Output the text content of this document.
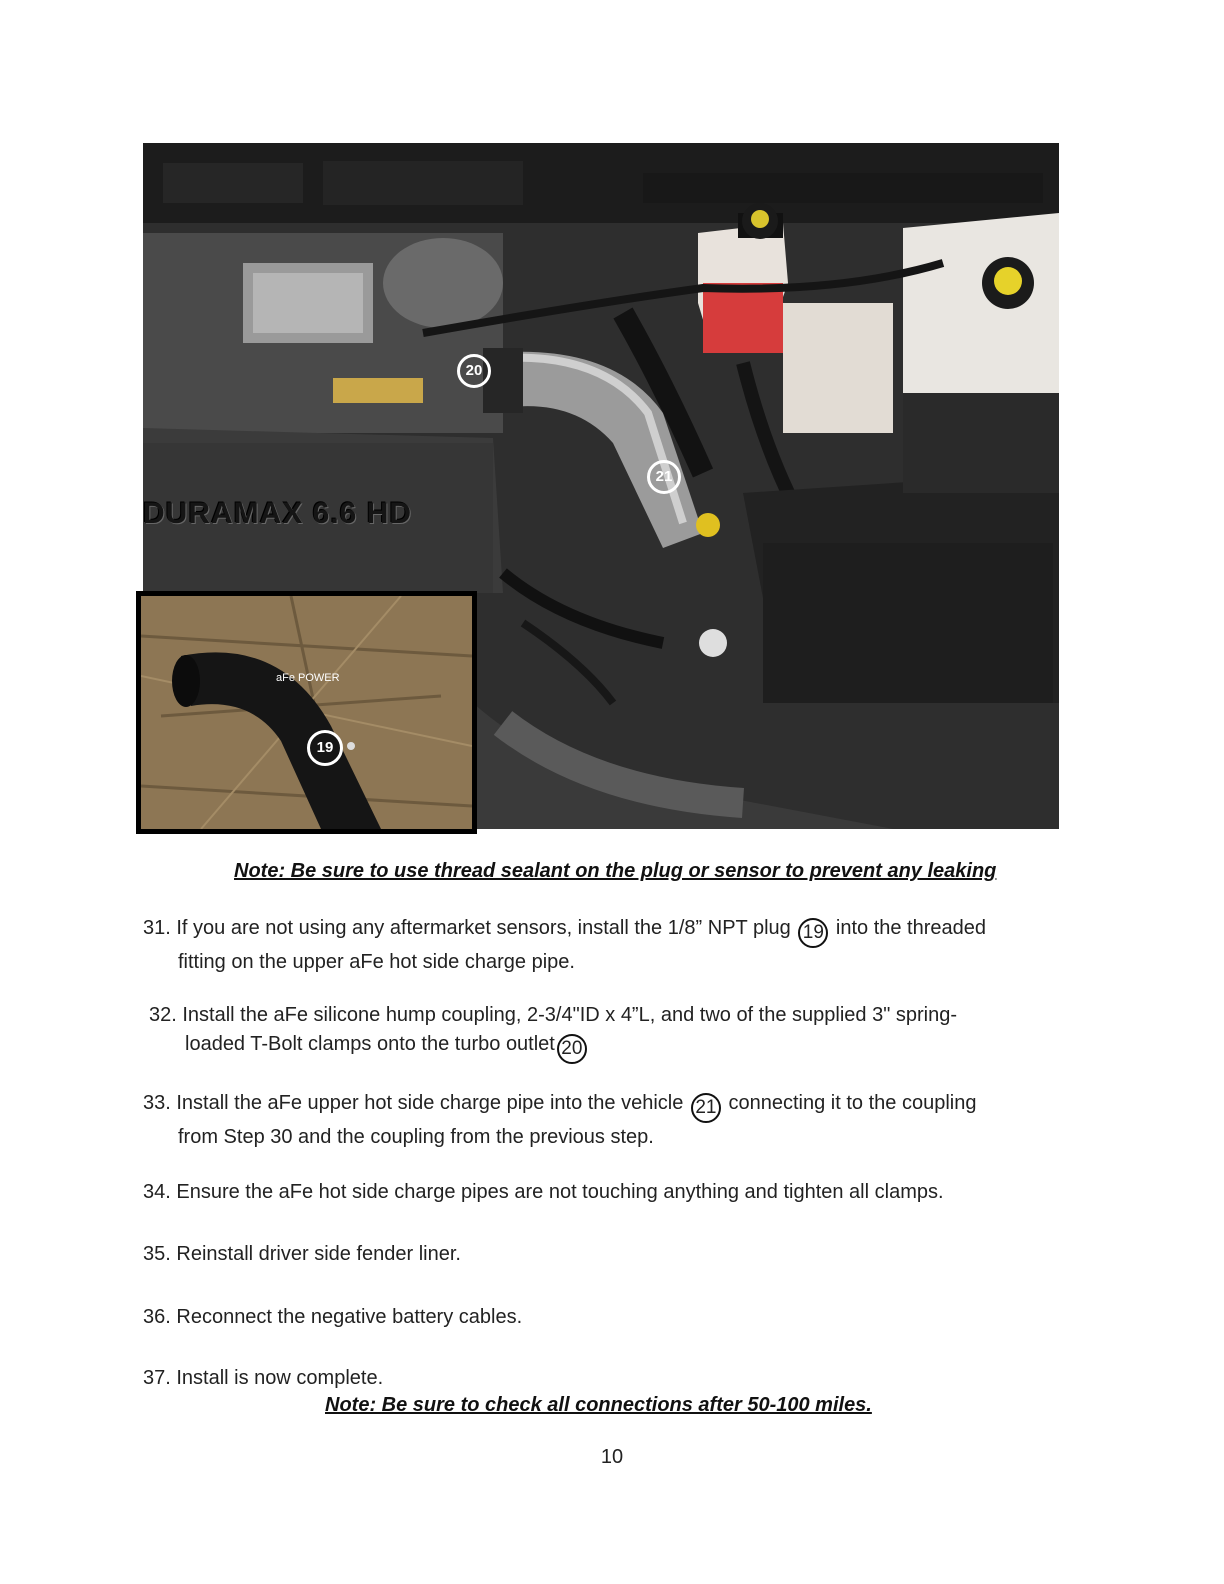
DURAMAX 6.6 HD
20
21
aFe POWER
19
Note: Be sure to use thread sealant on the plug or sensor to prevent any leaking
31. If you are not using any aftermarket sensors, install the 1/8” NPT plug 19 into the threaded
fitting on the upper aFe hot side charge pipe.
32. Install the aFe silicone hump coupling, 2-3/4"ID x 4”L, and two of the supplied 3" spring-
loaded T-Bolt clamps onto the turbo outlet 20
33. Install the aFe upper hot side charge pipe into the vehicle 21 connecting it to the coupling
from Step 30 and the coupling from the previous step.
34. Ensure the aFe hot side charge pipes are not touching anything and tighten all clamps.
35. Reinstall driver side fender liner.
36. Reconnect the negative battery cables.
37. Install is now complete.
Note: Be sure to check all connections after 50-100 miles.
10
